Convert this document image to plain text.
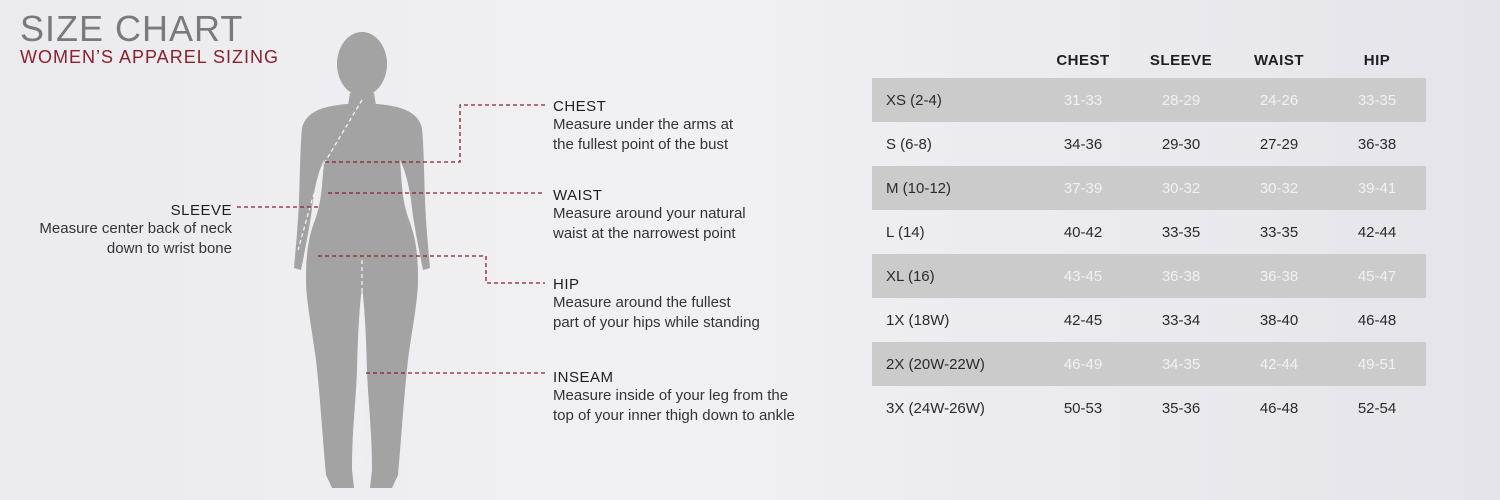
SIZE CHART
WOMEN’S APPAREL SIZING
SLEEVE
Measure center back of neck
down to wrist bone
CHEST
Measure under the arms at
the fullest point of the bust
WAIST
Measure around your natural
waist at the narrowest point
HIP
Measure around the fullest
part of your hips while standing
INSEAM
Measure inside of your leg from the
top of your inner thigh down to ankle
	CHEST	SLEEVE	WAIST	HIP
XS (2-4)	31-33	28-29	24-26	33-35
S (6-8)	34-36	29-30	27-29	36-38
M (10-12)	37-39	30-32	30-32	39-41
L (14)	40-42	33-35	33-35	42-44
XL (16)	43-45	36-38	36-38	45-47
1X (18W)	42-45	33-34	38-40	46-48
2X (20W-22W)	46-49	34-35	42-44	49-51
3X (24W-26W)	50-53	35-36	46-48	52-54
